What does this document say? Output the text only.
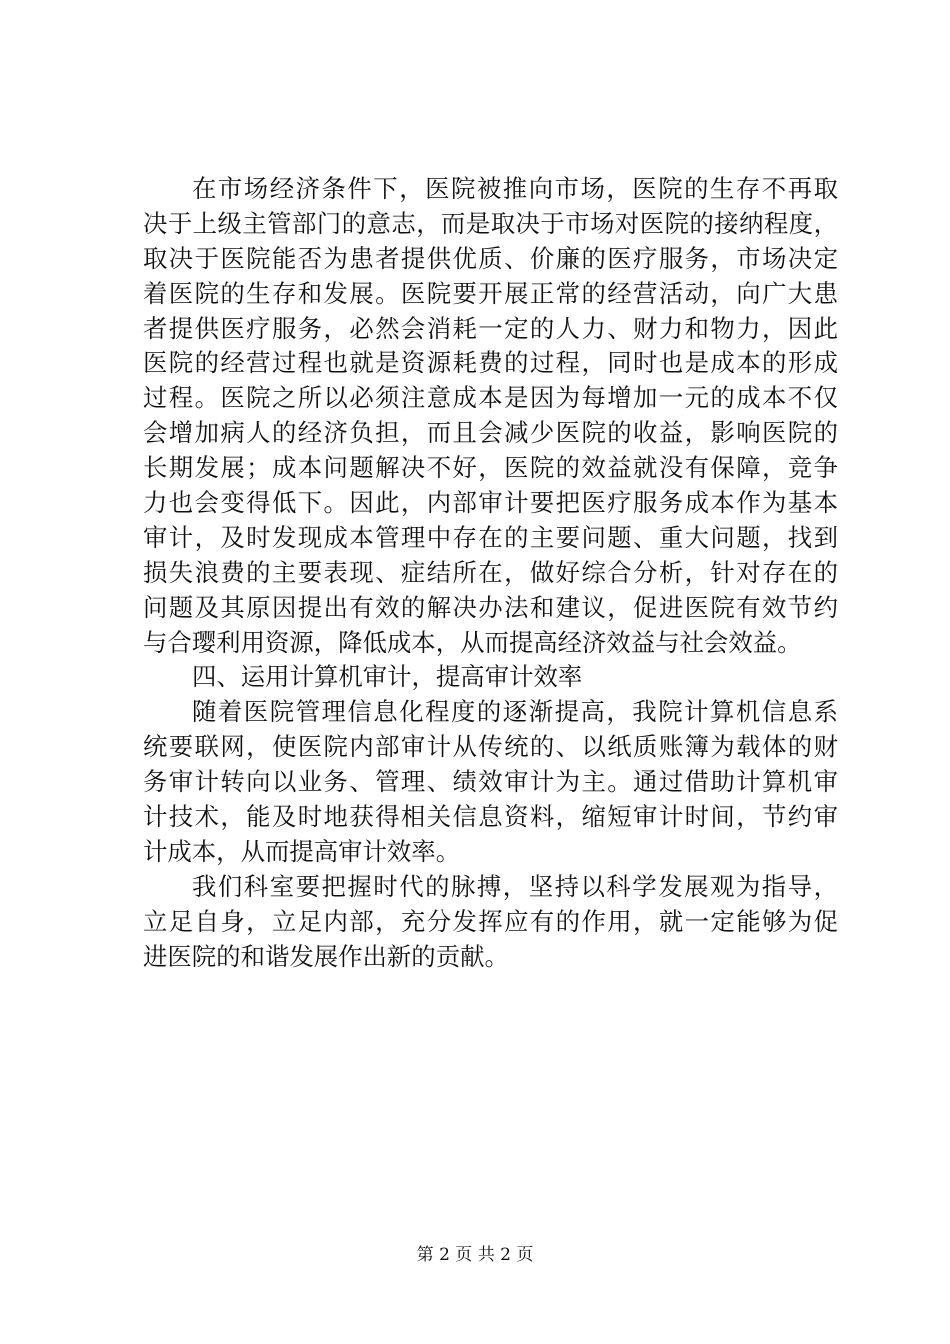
在市场经济条件下，医院被推向市场，医院的生存不再取
决于上级主管部门的意志，而是取决于市场对医院的接纳程度，
取决于医院能否为患者提供优质、价廉的医疗服务，市场决定
着医院的生存和发展。医院要开展正常的经营活动，向广大患
者提供医疗服务，必然会消耗一定的人力、财力和物力，因此
医院的经营过程也就是资源耗费的过程，同时也是成本的形成
过程。医院之所以必须注意成本是因为每增加一元的成本不仅
会增加病人的经济负担，而且会减少医院的收益，影响医院的
长期发展；成本问题解决不好，医院的效益就没有保障，竞争
力也会变得低下。因此，内部审计要把医疗服务成本作为基本
审计，及时发现成本管理中存在的主要问题、重大问题，找到
损失浪费的主要表现、症结所在，做好综合分析，针对存在的
问题及其原因提出有效的解决办法和建议，促进医院有效节约
与合璎利用资源，降低成本，从而提高经济效益与社会效益。
四、运用计算机审计，提高审计效率
随着医院管理信息化程度的逐渐提高，我院计算机信息系
统要联网，使医院内部审计从传统的、以纸质账簿为载体的财
务审计转向以业务、管理、绩效审计为主。通过借助计算机审
计技术，能及时地获得相关信息资料，缩短审计时间，节约审
计成本，从而提高审计效率。
我们科室要把握时代的脉搏，坚持以科学发展观为指导，
立足自身，立足内部，充分发挥应有的作用，就一定能够为促
进医院的和谐发展作出新的贡献。
第 2 页 共 2 页
